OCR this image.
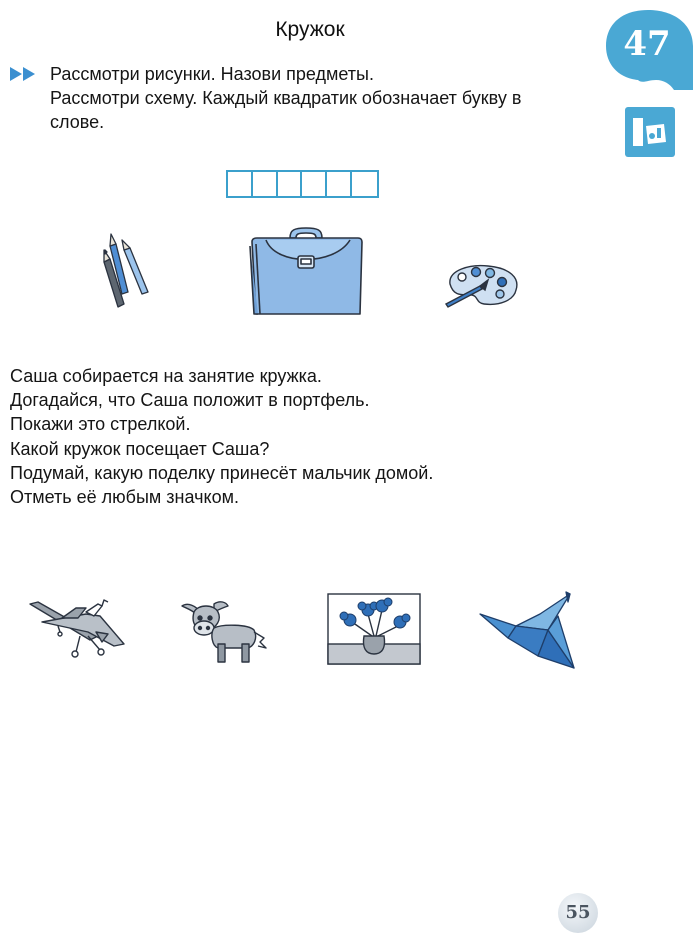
Кружок	47
Рассмотри рисунки. Назови предметы.
Рассмотри схему. Каждый квадратик обозначает букву в
слове.
Саша собирается на занятие кружка.
Догадайся, что Саша положит в портфель.
Покажи это стрелкой.
Какой кружок посещает Саша?
Подумай, какую поделку принесёт мальчик домой.
Отметь её любым значком.
55
